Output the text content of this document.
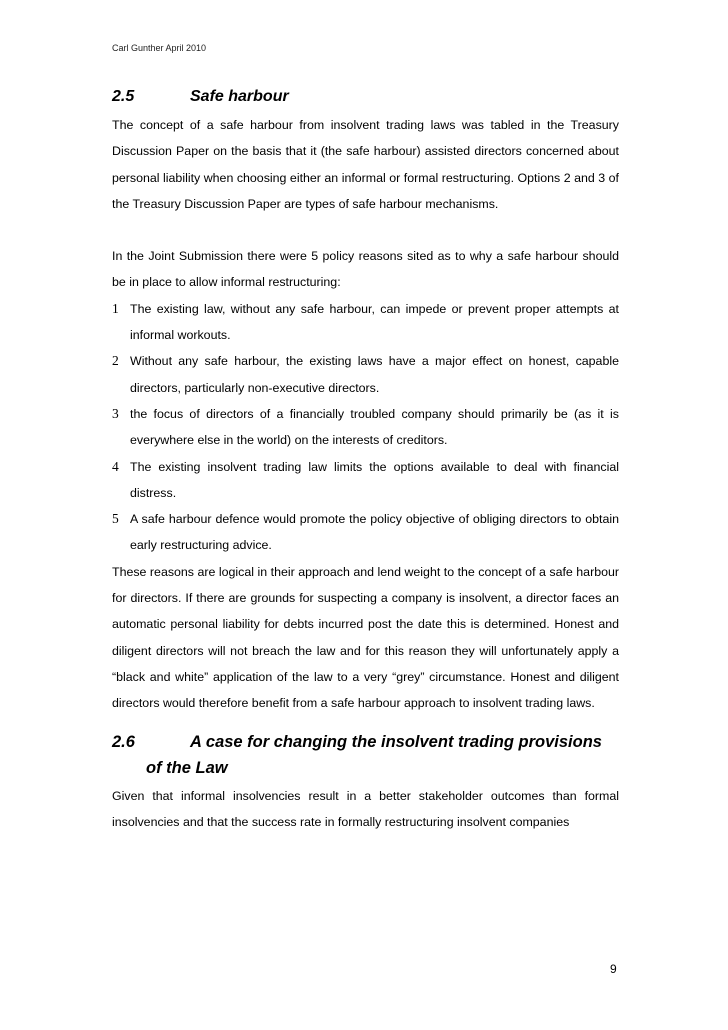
Carl Gunther April 2010
2.5	Safe harbour

The concept of a safe harbour from insolvent trading laws was tabled in the Treasury Discussion Paper on the basis that it (the safe harbour) assisted directors concerned about personal liability when choosing either an informal or formal restructuring. Options 2 and 3 of the Treasury Discussion Paper are types of safe harbour mechanisms.

In the Joint Submission there were 5 policy reasons sited as to why a safe harbour should be in place to allow informal restructuring:

1 The existing law, without any safe harbour, can impede or prevent proper attempts at informal workouts.
2 Without any safe harbour, the existing laws have a major effect on honest, capable directors, particularly non-executive directors.
3 the focus of directors of a financially troubled company should primarily be (as it is everywhere else in the world) on the interests of creditors.
4 The existing insolvent trading law limits the options available to deal with financial distress.
5 A safe harbour defence would promote the policy objective of obliging directors to obtain early restructuring advice.

These reasons are logical in their approach and lend weight to the concept of a safe harbour for directors. If there are grounds for suspecting a company is insolvent, a director faces an automatic personal liability for debts incurred post the date this is determined. Honest and diligent directors will not breach the law and for this reason they will unfortunately apply a “black and white” application of the law to a very “grey” circumstance. Honest and diligent directors would therefore benefit from a safe harbour approach to insolvent trading laws.

2.6	A case for changing the insolvent trading provisions
of the Law

Given that informal insolvencies result in a better stakeholder outcomes than formal insolvencies and that the success rate in formally restructuring insolvent companies

9
